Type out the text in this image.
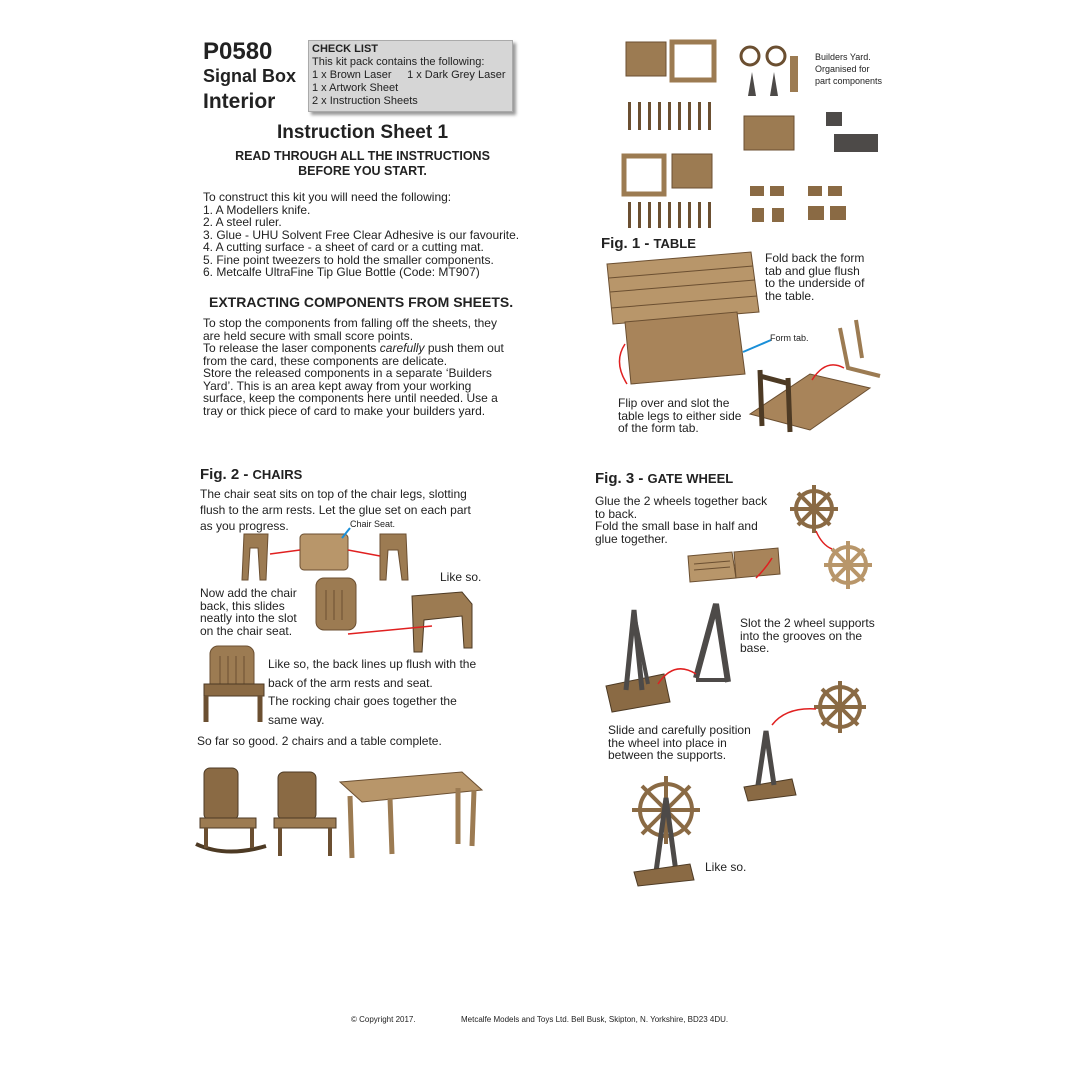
P0580
Signal Box
Interior
CHECK LIST
This kit pack contains the following:
1 x Brown Laser 1 x Dark Grey Laser
1 x Artwork Sheet
2 x Instruction Sheets
Instruction Sheet 1
READ THROUGH ALL THE INSTRUCTIONS
BEFORE YOU START.
To construct this kit you will need the following:
1. A Modellers knife.
2. A steel ruler.
3. Glue - UHU Solvent Free Clear Adhesive is our favourite.
4. A cutting surface - a sheet of card or a cutting mat.
5. Fine point tweezers to hold the smaller components.
6. Metcalfe UltraFine Tip Glue Bottle (Code: MT907)
EXTRACTING COMPONENTS FROM SHEETS.
To stop the components from falling off the sheets, they
are held secure with small score points.
To release the laser components carefully push them out
from the card, these components are delicate.
Store the released components in a separate ‘Builders
Yard’. This is an area kept away from your working
surface, keep the components here until needed. Use a
tray or thick piece of card to make your builders yard.
Builders Yard.
Organised for
part components
Fig. 1 - TABLE
Fold back the form
tab and glue flush
to the underside of
the table.
Form tab.
Flip over and slot the
table legs to either side
of the form tab.
Fig. 2 - CHAIRS
The chair seat sits on top of the chair legs, slotting
flush to the arm rests. Let the glue set on each part
as you progress.	Chair Seat.
Like so.
Now add the chair
back, this slides
neatly into the slot
on the chair seat.
Like so, the back lines up flush with the
back of the arm rests and seat.
The rocking chair goes together the
same way.
So far so good. 2 chairs and a table complete.
Fig. 3 - GATE WHEEL
Glue the 2 wheels together back
to back.
Fold the small base in half and
glue together.
Slot the 2 wheel supports
into the grooves on the
base.
Slide and carefully position
the wheel into place in
between the supports.
Like so.
© Copyright 2017.	Metcalfe Models and Toys Ltd. Bell Busk, Skipton, N. Yorkshire, BD23 4DU.
